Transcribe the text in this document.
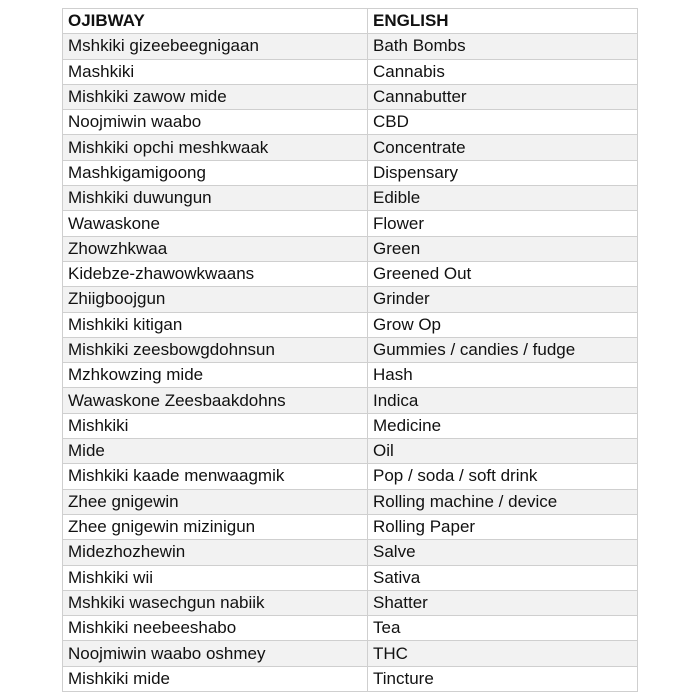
OJIBWAY	ENGLISH
Mshkiki gizeebeegnigaan	Bath Bombs
Mashkiki	Cannabis
Mishkiki zawow mide	Cannabutter
Noojmiwin waabo	CBD
Mishkiki opchi meshkwaak	Concentrate
Mashkigamigoong	Dispensary
Mishkiki duwungun	Edible
Wawaskone	Flower
Zhowzhkwaa	Green
Kidebze-zhawowkwaans	Greened Out
Zhiigboojgun	Grinder
Mishkiki kitigan	Grow Op
Mishkiki zeesbowgdohnsun	Gummies / candies / fudge
Mzhkowzing mide	Hash
Wawaskone Zeesbaakdohns	Indica
Mishkiki	Medicine
Mide	Oil
Mishkiki kaade menwaagmik	Pop / soda / soft drink
Zhee gnigewin	Rolling machine / device
Zhee gnigewin mizinigun	Rolling Paper
Midezhozhewin	Salve
Mishkiki wii	Sativa
Mshkiki wasechgun nabiik	Shatter
Mishkiki neebeeshabo	Tea
Noojmiwin waabo oshmey	THC
Mishkiki mide	Tincture
